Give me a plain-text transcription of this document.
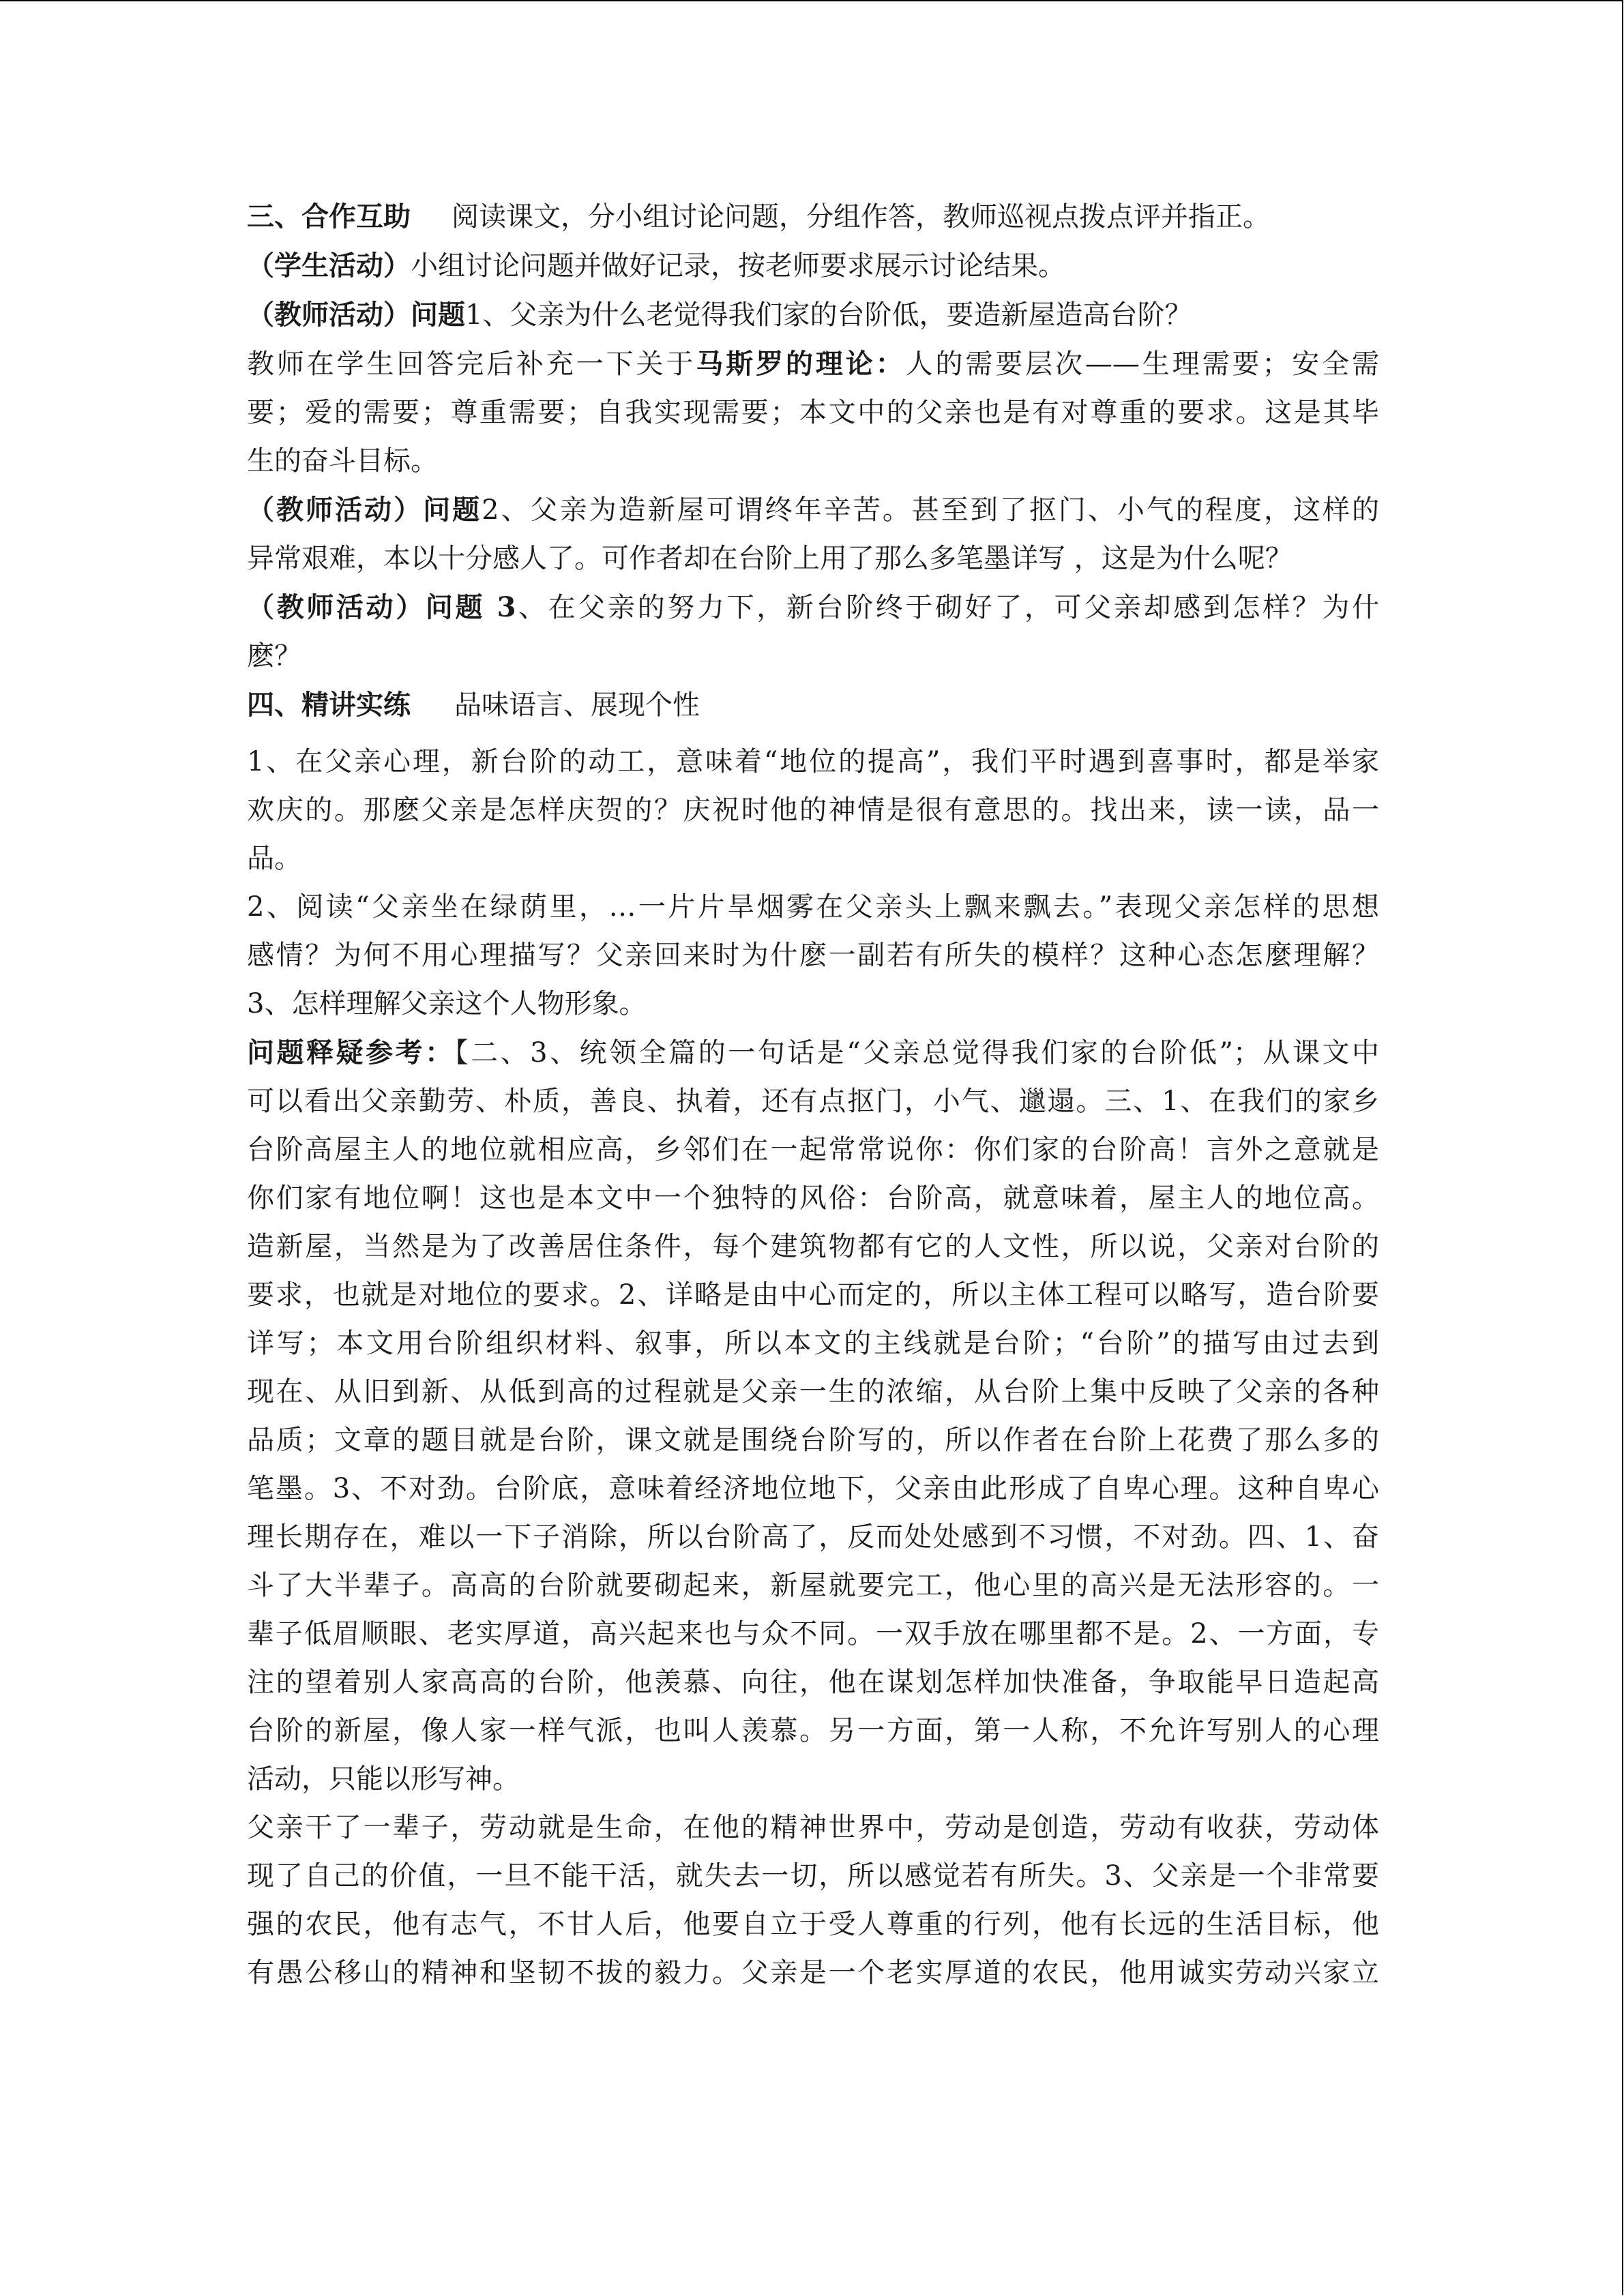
三、合作互助 阅读课文，分小组讨论问题，分组作答，教师巡视点拨点评并指正。
（学生活动）小组讨论问题并做好记录，按老师要求展示讨论结果。
（教师活动）问题1、父亲为什么老觉得我们家的台阶低，要造新屋造高台阶？
教师在学生回答完后补充一下关于马斯罗的理论：人的需要层次——生理需要；安全需
要；爱的需要；尊重需要；自我实现需要；本文中的父亲也是有对尊重的要求。这是其毕
生的奋斗目标。
（教师活动）问题2、父亲为造新屋可谓终年辛苦。甚至到了抠门、小气的程度，这样的
异常艰难，本以十分感人了。可作者却在台阶上用了那么多笔墨详写 ，这是为什么呢？
（教师活动）问题 3、在父亲的努力下，新台阶终于砌好了，可父亲却感到怎样？为什
麽？
四、精讲实练 品味语言、展现个性
1、在父亲心理，新台阶的动工，意味着“地位的提高”，我们平时遇到喜事时，都是举家
欢庆的。那麽父亲是怎样庆贺的？庆祝时他的神情是很有意思的。找出来，读一读，品一
品。
2、阅读“父亲坐在绿荫里，…一片片旱烟雾在父亲头上飘来飘去。”表现父亲怎样的思想
感情？为何不用心理描写？父亲回来时为什麽一副若有所失的模样？这种心态怎麼理解？
3、怎样理解父亲这个人物形象。
问题释疑参考：【二、3、统领全篇的一句话是“父亲总觉得我们家的台阶低”；从课文中
可以看出父亲勤劳、朴质，善良、执着，还有点抠门，小气、邋遢。三、1、在我们的家乡
台阶高屋主人的地位就相应高，乡邻们在一起常常说你：你们家的台阶高！言外之意就是
你们家有地位啊！这也是本文中一个独特的风俗：台阶高，就意味着，屋主人的地位高。
造新屋，当然是为了改善居住条件，每个建筑物都有它的人文性，所以说，父亲对台阶的
要求，也就是对地位的要求。2、详略是由中心而定的，所以主体工程可以略写，造台阶要
详写；本文用台阶组织材料、叙事，所以本文的主线就是台阶；“台阶”的描写由过去到
现在、从旧到新、从低到高的过程就是父亲一生的浓缩，从台阶上集中反映了父亲的各种
品质；文章的题目就是台阶，课文就是围绕台阶写的，所以作者在台阶上花费了那么多的
笔墨。3、不对劲。台阶底，意味着经济地位地下，父亲由此形成了自卑心理。这种自卑心
理长期存在，难以一下子消除，所以台阶高了，反而处处感到不习惯，不对劲。四、1、奋
斗了大半辈子。高高的台阶就要砌起来，新屋就要完工，他心里的高兴是无法形容的。一
辈子低眉顺眼、老实厚道，高兴起来也与众不同。一双手放在哪里都不是。2、一方面，专
注的望着别人家高高的台阶，他羡慕、向往，他在谋划怎样加快准备，争取能早日造起高
台阶的新屋，像人家一样气派，也叫人羡慕。另一方面，第一人称，不允许写别人的心理
活动，只能以形写神。
父亲干了一辈子，劳动就是生命，在他的精神世界中，劳动是创造，劳动有收获，劳动体
现了自己的价值，一旦不能干活，就失去一切，所以感觉若有所失。3、父亲是一个非常要
强的农民，他有志气，不甘人后，他要自立于受人尊重的行列，他有长远的生活目标，他
有愚公移山的精神和坚韧不拔的毅力。父亲是一个老实厚道的农民，他用诚实劳动兴家立
